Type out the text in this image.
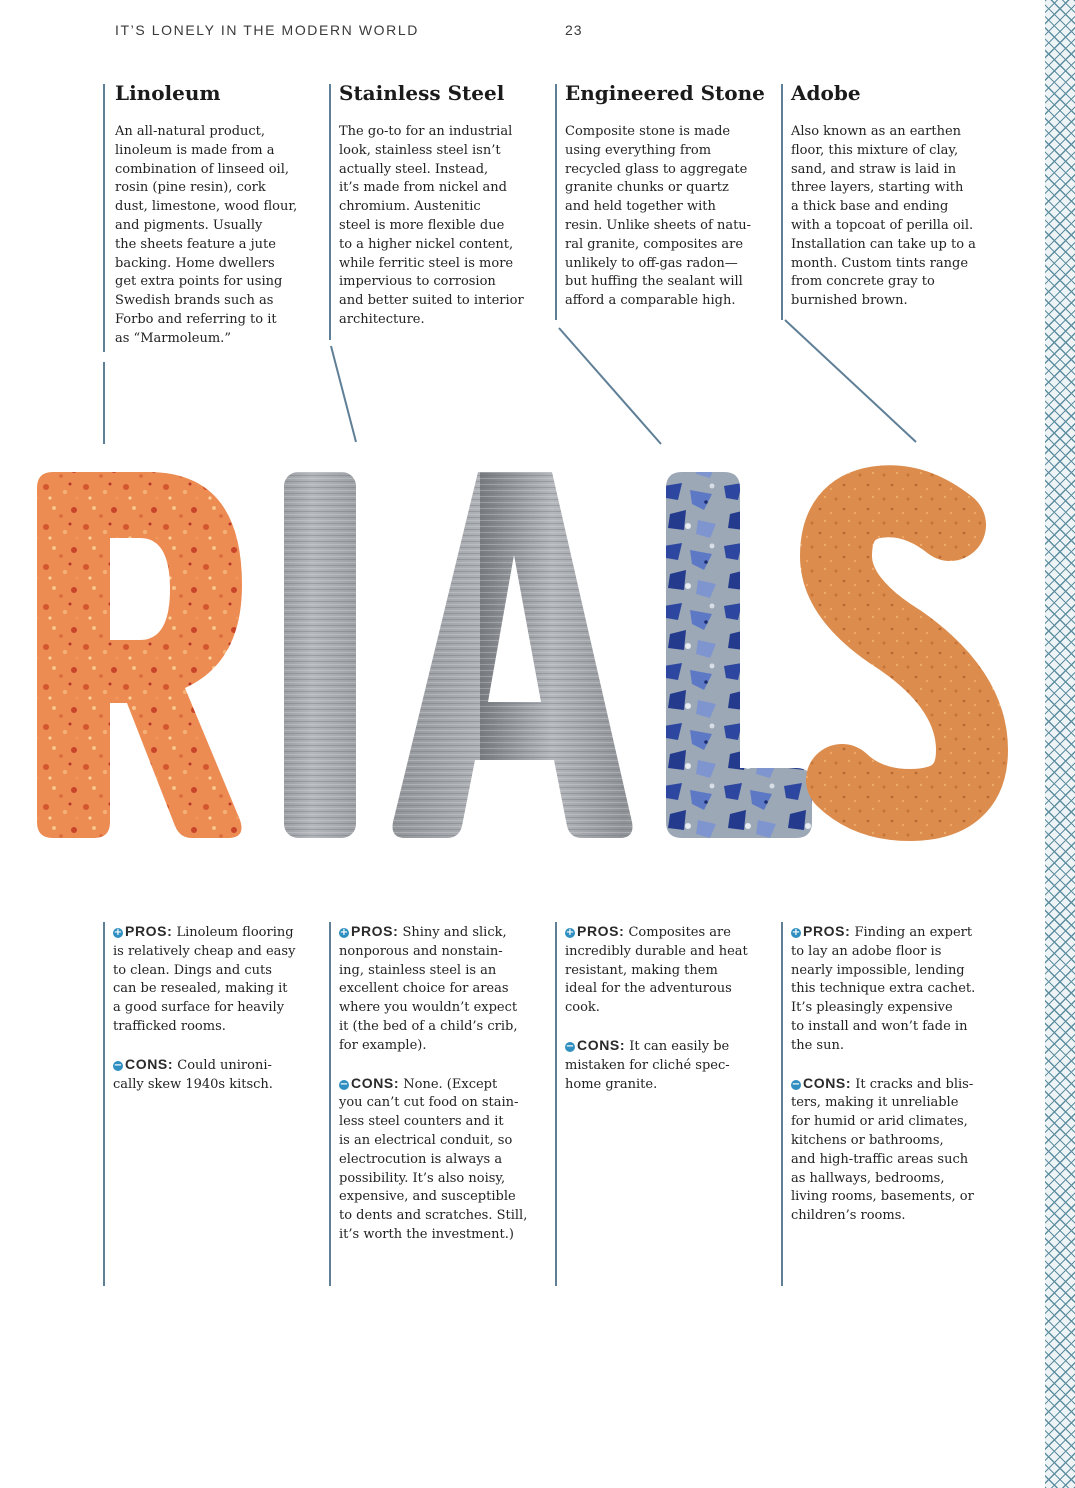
IT’S LONELY IN THE MODERN WORLD	23
Linoleum

An all-natural product,
linoleum is made from a
combination of linseed oil,
rosin (pine resin), cork
dust, limestone, wood flour,
and pigments. Usually
the sheets feature a jute
backing. Home dwellers
get extra points for using
Swedish brands such as
Forbo and referring to it
as “Marmoleum.”

Stainless Steel

The go-to for an industrial
look, stainless steel isn’t
actually steel. Instead,
it’s made from nickel and
chromium. Austenitic
steel is more flexible due
to a higher nickel content,
while ferritic steel is more
impervious to corrosion
and better suited to interior
architecture.

Engineered Stone

Composite stone is made
using everything from
recycled glass to aggregate
granite chunks or quartz
and held together with
resin. Unlike sheets of natu-
ral granite, composites are
unlikely to off-gas radon—
but huffing the sealant will
afford a comparable high.

Adobe

Also known as an earthen
floor, this mixture of clay,
sand, and straw is laid in
three layers, starting with
a thick base and ending
with a topcoat of perilla oil.
Installation can take up to a
month. Custom tints range
from concrete gray to
burnished brown.

+ PROS: Linoleum flooring
is relatively cheap and easy
to clean. Dings and cuts
can be resealed, making it
a good surface for heavily
trafficked rooms.

− CONS: Could unironi-
cally skew 1940s kitsch.

+ PROS: Shiny and slick,
nonporous and nonstain-
ing, stainless steel is an
excellent choice for areas
where you wouldn’t expect
it (the bed of a child’s crib,
for example).

− CONS: None. (Except
you can’t cut food on stain-
less steel counters and it
is an electrical conduit, so
electrocution is always a
possibility. It’s also noisy,
expensive, and susceptible
to dents and scratches. Still,
it’s worth the investment.)

+ PROS: Composites are
incredibly durable and heat
resistant, making them
ideal for the adventurous
cook.

− CONS: It can easily be
mistaken for cliché spec-
home granite.

+ PROS: Finding an expert
to lay an adobe floor is
nearly impossible, lending
this technique extra cachet.
It’s pleasingly expensive
to install and won’t fade in
the sun.

− CONS: It cracks and blis-
ters, making it unreliable
for humid or arid climates,
kitchens or bathrooms,
and high-traffic areas such
as hallways, bedrooms,
living rooms, basements, or
children’s rooms.
